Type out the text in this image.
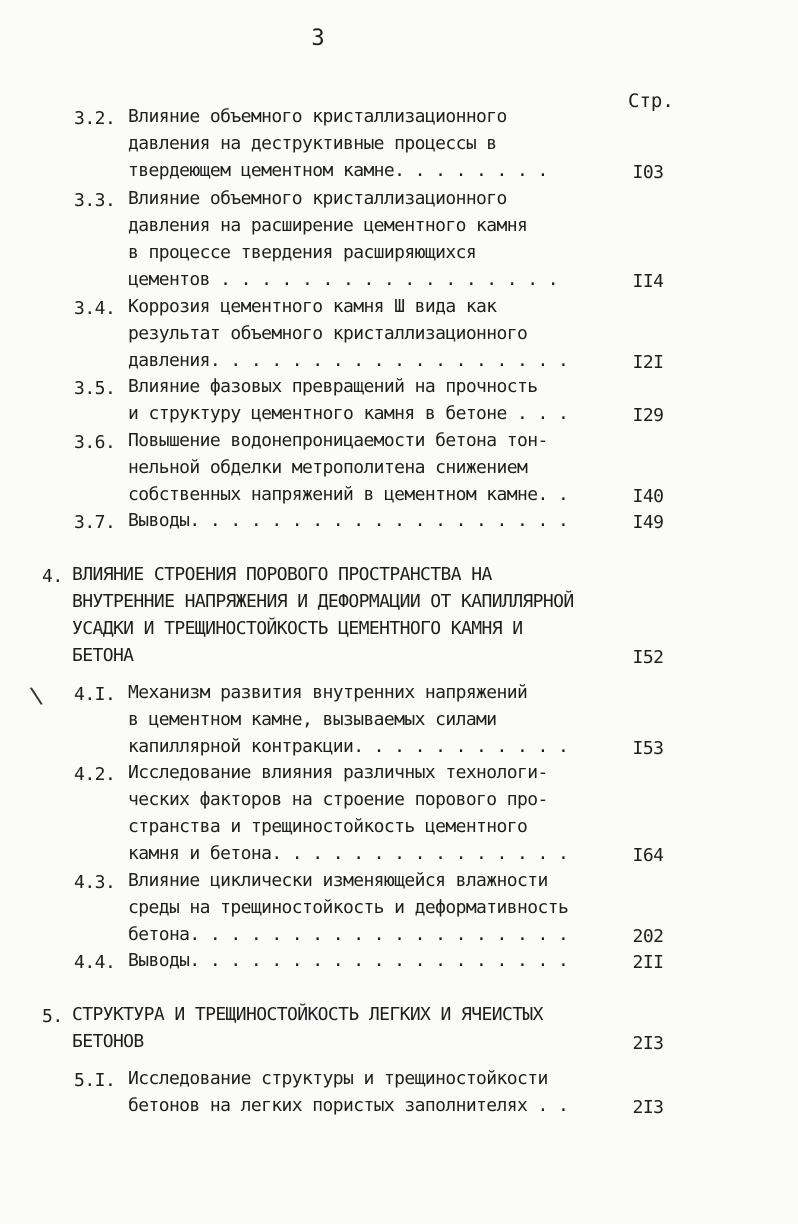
3
Стр.
\
3.2. Влияние объемного кристаллизационного
давления на деструктивные процессы в
твердеющем цементном камне. . . . . . . .	I03
3.3. Влияние объемного кристаллизационного
давления на расширение цементного камня
в процессе твердения расширяющихся
цементов . . . . . . . . . . . . . . . . .	II4
3.4. Коррозия цементного камня Ш вида как
результат объемного кристаллизационного
давления. . . . . . . . . . . . . . . . . .	I2I
3.5. Влияние фазовых превращений на прочность
и структуру цементного камня в бетоне . . .	I29
3.6. Повышение водонепроницаемости бетона тон-
нельной обделки метрополитена снижением
собственных напряжений в цементном камне. .	I40
3.7. Выводы. . . . . . . . . . . . . . . . . . .	I49
4. ВЛИЯНИЕ СТРОЕНИЯ ПОРОВОГО ПРОСТРАНСТВА НА
ВНУТРЕННИЕ НАПРЯЖЕНИЯ И ДЕФОРМАЦИИ ОТ КАПИЛЛЯРНОЙ
УСАДКИ И ТРЕЩИНОСТОЙКОСТЬ ЦЕМЕНТНОГО КАМНЯ И
БЕТОНА	I52
4.I. Механизм развития внутренних напряжений
в цементном камне, вызываемых силами
капиллярной контракции. . . . . . . . . . .	I53
4.2. Исследование влияния различных технологи-
ческих факторов на строение порового про-
странства и трещиностойкость цементного
камня и бетона. . . . . . . . . . . . . . .	I64
4.3. Влияние циклически изменяющейся влажности
среды на трещиностойкость и деформативность
бетона. . . . . . . . . . . . . . . . . . .	202
4.4. Выводы. . . . . . . . . . . . . . . . . . .	2II
5. СТРУКТУРА И ТРЕЩИНОСТОЙКОСТЬ ЛЕГКИХ И ЯЧЕИСТЫХ
БЕТОНОВ	2I3
5.I. Исследование структуры и трещиностойкости
бетонов на легких пористых заполнителях . .	2I3
